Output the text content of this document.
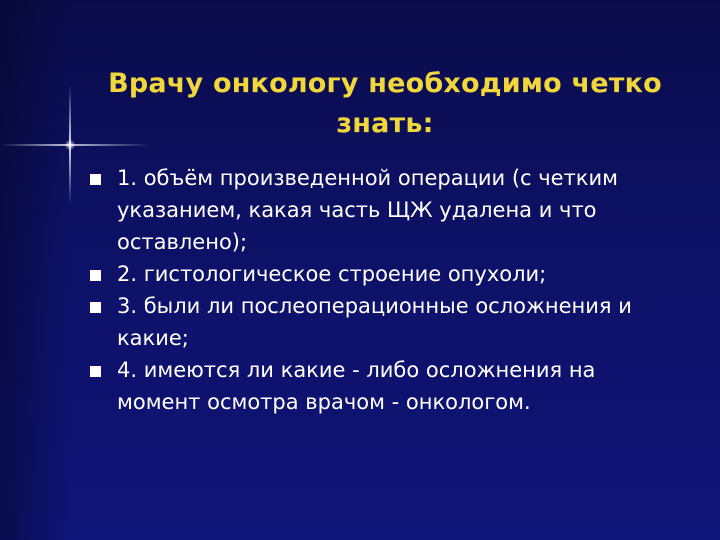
Врачу онкологу необходимо четко
знать:
1. объём произведенной операции (с четким указанием, какая часть ЩЖ удалена и что оставлено);
2. гистологическое строение опухоли;
3. были ли послеоперационные осложнения и какие;
4. имеются ли какие - либо осложнения на момент осмотра врачом - онкологом.
